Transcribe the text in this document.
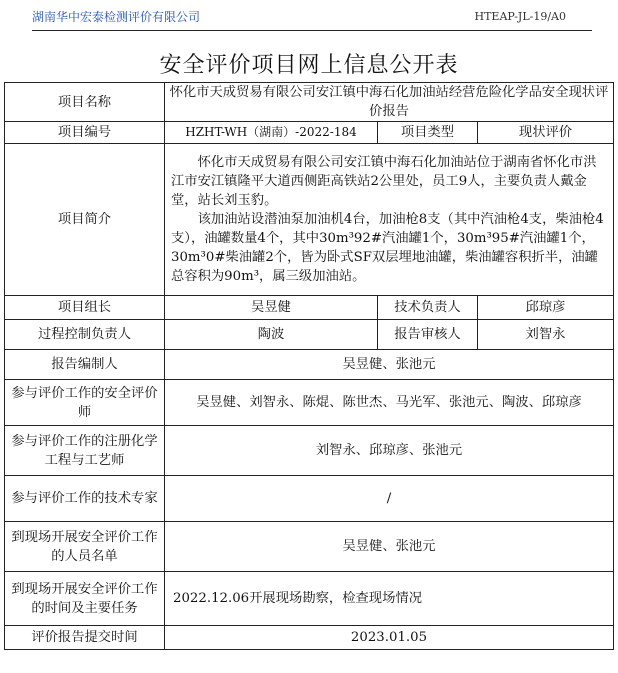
湖南华中宏泰检测评价有限公司	HTEAP-JL-19/A0
安全评价项目网上信息公开表
项目名称	怀化市天成贸易有限公司安江镇中海石化加油站经营危险化学品安全现状评价报告		
项目编号	HZHT-WH（湖南）-2022-184	项目类型	现状评价
项目简介	怀化市天成贸易有限公司安江镇中海石化加油站位于湖南省怀化市洪江市安江镇隆平大道西侧距高铁站2公里处，员工9人，主要负责人戴金堂，站长刘玉豹。

该加油站设潜油泵加油机4台，加油枪8支（其中汽油枪4支，柴油枪4支），油罐数量4个，其中30m³92#汽油罐1个，30m³95#汽油罐1个，30m³0#柴油罐2个，皆为卧式SF双层埋地油罐，柴油罐容积折半，油罐总容积为90m³，属三级加油站。		

项目组长	吴昱健	技术负责人	邱琼彦
过程控制负责人	陶波	报告审核人	刘智永
报告编制人	吴昱健、张池元		
参与评价工作的安全评价师	吴昱健、刘智永、陈焜、陈世杰、马光军、张池元、陶波、邱琼彦		
参与评价工作的注册化学工程与工艺师	刘智永、邱琼彦、张池元		
参与评价工作的技术专家	/		
到现场开展安全评价工作的人员名单	吴昱健、张池元		
到现场开展安全评价工作的时间及主要任务	2022.12.06开展现场勘察，检查现场情况		
评价报告提交时间	2023.01.05		
